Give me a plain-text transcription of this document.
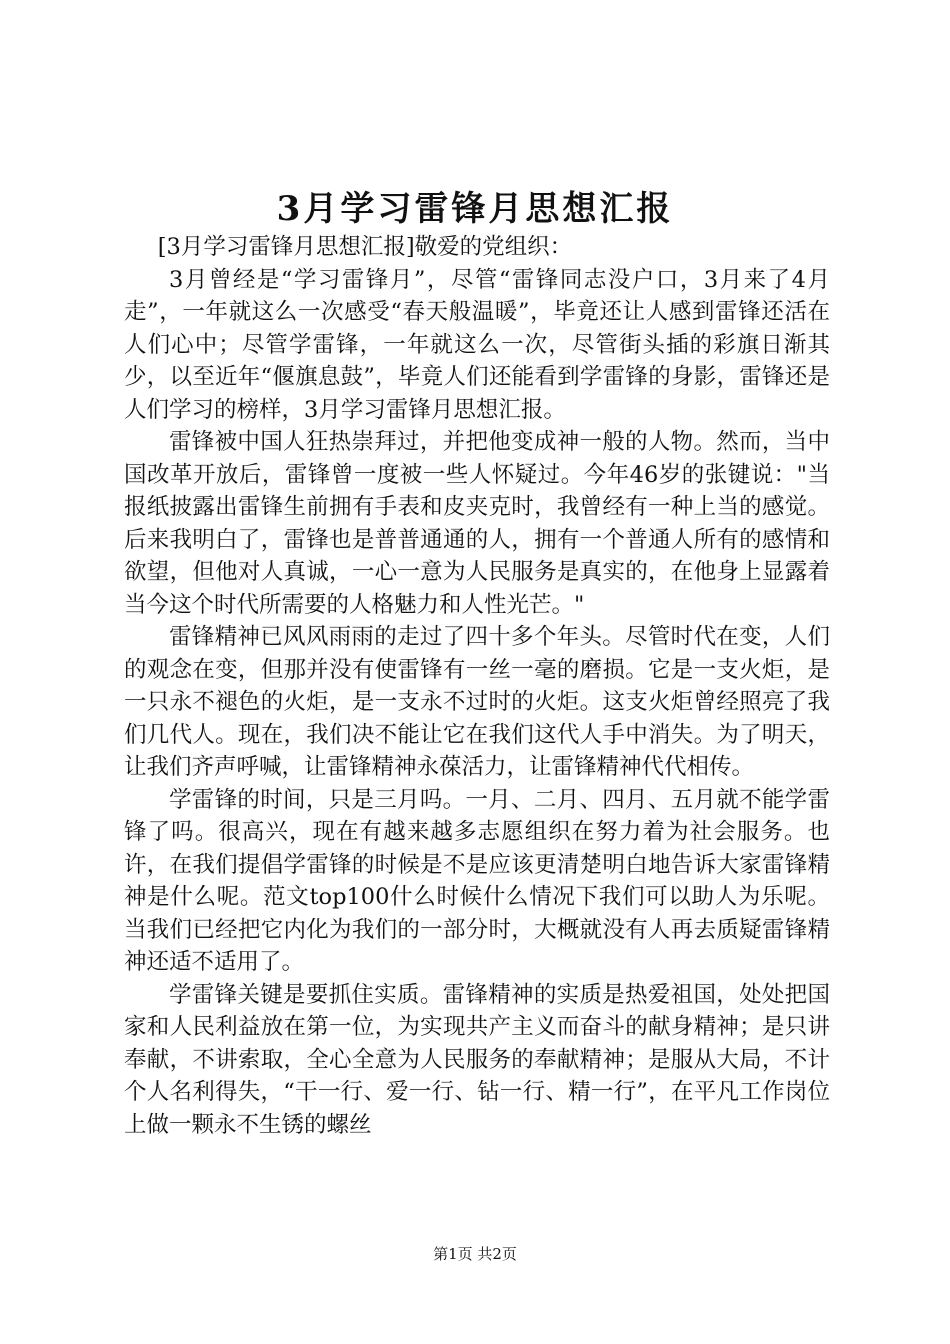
3月学习雷锋月思想汇报

[3月学习雷锋月思想汇报]敬爱的党组织：

3月曾经是“学习雷锋月”，尽管“雷锋同志没户口，3月来了4月走”，一年就这么一次感受“春天般温暖”，毕竟还让人感到雷锋还活在人们心中；尽管学雷锋，一年就这么一次，尽管街头插的彩旗日渐其少，以至近年“偃旗息鼓”，毕竟人们还能看到学雷锋的身影，雷锋还是人们学习的榜样，3月学习雷锋月思想汇报。

雷锋被中国人狂热崇拜过，并把他变成神一般的人物。然而，当中国改革开放后，雷锋曾一度被一些人怀疑过。今年46岁的张键说："当报纸披露出雷锋生前拥有手表和皮夹克时，我曾经有一种上当的感觉。后来我明白了，雷锋也是普普通通的人，拥有一个普通人所有的感情和欲望，但他对人真诚，一心一意为人民服务是真实的，在他身上显露着当今这个时代所需要的人格魅力和人性光芒。"

雷锋精神已风风雨雨的走过了四十多个年头。尽管时代在变，人们的观念在变，但那并没有使雷锋有一丝一毫的磨损。它是一支火炬，是一只永不褪色的火炬，是一支永不过时的火炬。这支火炬曾经照亮了我们几代人。现在，我们决不能让它在我们这代人手中消失。为了明天，让我们齐声呼喊，让雷锋精神永葆活力，让雷锋精神代代相传。

学雷锋的时间，只是三月吗。一月、二月、四月、五月就不能学雷锋了吗。很高兴，现在有越来越多志愿组织在努力着为社会服务。也许，在我们提倡学雷锋的时候是不是应该更清楚明白地告诉大家雷锋精神是什么呢。范文top100什么时候什么情况下我们可以助人为乐呢。当我们已经把它内化为我们的一部分时，大概就没有人再去质疑雷锋精神还适不适用了。

学雷锋关键是要抓住实质。雷锋精神的实质是热爱祖国，处处把国家和人民利益放在第一位，为实现共产主义而奋斗的献身精神；是只讲奉献，不讲索取，全心全意为人民服务的奉献精神；是服从大局，不计个人名利得失，“干一行、爱一行、钻一行、精一行”，在平凡工作岗位上做一颗永不生锈的螺丝

第1页 共2页
